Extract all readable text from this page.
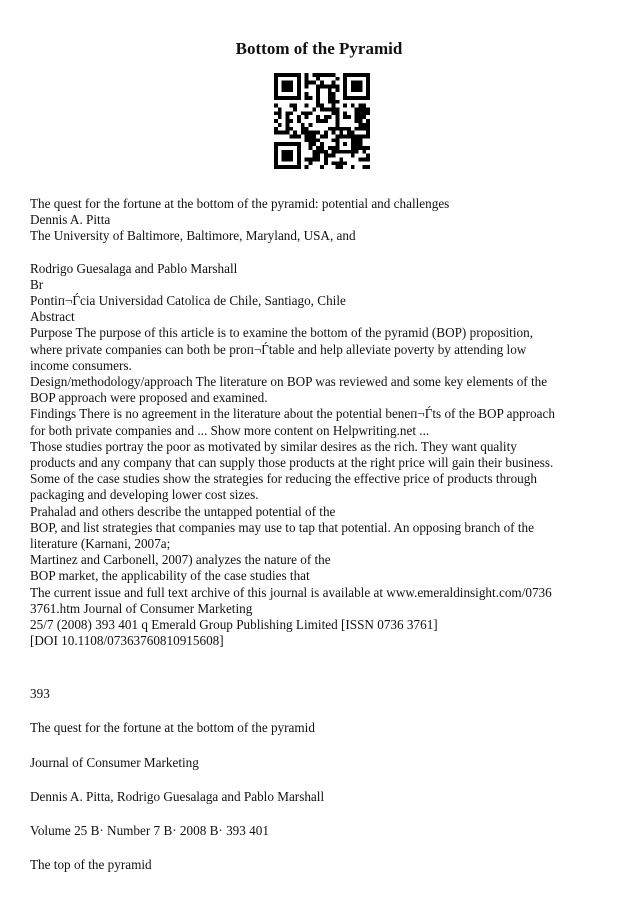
Bottom of the Pyramid
The quest for the fortune at the bottom of the pyramid: potential and challenges
Dennis A. Pitta
The University of Baltimore, Baltimore, Maryland, USA, and
Rodrigo Guesalaga and Pablo Marshall
Br
Pontiп¬Ѓcia Universidad Catolica de Chile, Santiago, Chile
Abstract
Purpose The purpose of this article is to examine the bottom of the pyramid (BOP) proposition,
where private companies can both be proп¬Ѓtable and help alleviate poverty by attending low
income consumers.
Design/methodology/approach The literature on BOP was reviewed and some key elements of the
BOP approach were proposed and examined.
Findings There is no agreement in the literature about the potential beneп¬Ѓts of the BOP approach
for both private companies and ... Show more content on Helpwriting.net ...
Those studies portray the poor as motivated by similar desires as the rich. They want quality
products and any company that can supply those products at the right price will gain their business.
Some of the case studies show the strategies for reducing the effective price of products through
packaging and developing lower cost sizes.
Prahalad and others describe the untapped potential of the
BOP, and list strategies that companies may use to tap that potential. An opposing branch of the
literature (Karnani, 2007a;
Martinez and Carbonell, 2007) analyzes the nature of the
BOP market, the applicability of the case studies that
The current issue and full text archive of this journal is available at www.emeraldinsight.com/0736
3761.htm Journal of Consumer Marketing
25/7 (2008) 393 401 q Emerald Group Publishing Limited [ISSN 0736 3761]
[DOI 10.1108/07363760810915608]
393
The quest for the fortune at the bottom of the pyramid
Journal of Consumer Marketing
Dennis A. Pitta, Rodrigo Guesalaga and Pablo Marshall
Volume 25 В· Number 7 В· 2008 В· 393 401
The top of the pyramid
